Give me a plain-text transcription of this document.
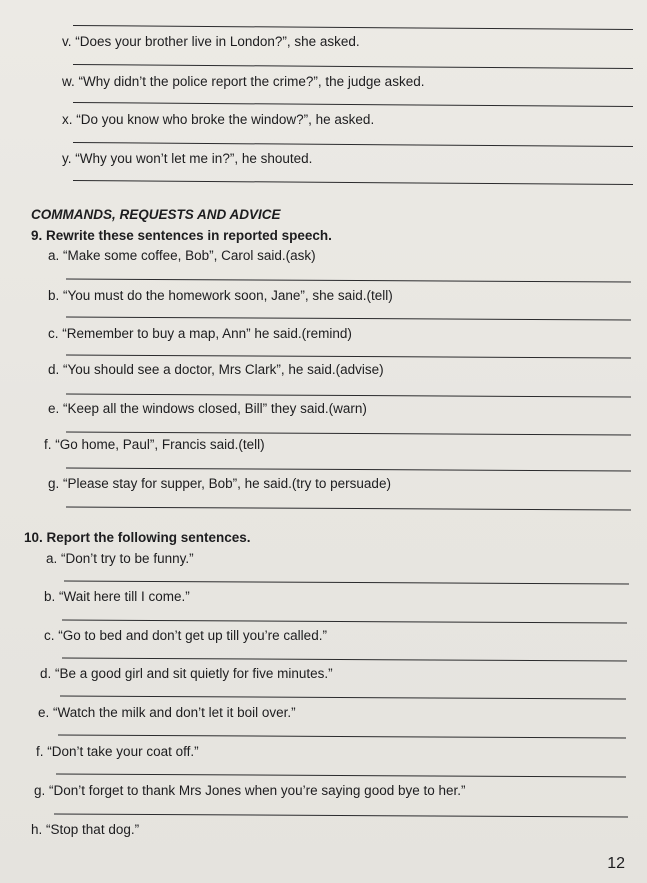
v. “Does your brother live in London?”, she asked.
w. “Why didn’t the police report the crime?”, the judge asked.
x. “Do you know who broke the window?”, he asked.
y. “Why you won’t let me in?”, he shouted.
COMMANDS, REQUESTS AND ADVICE
9. Rewrite these sentences in reported speech.
a. “Make some coffee, Bob”, Carol said.(ask)
b. “You must do the homework soon, Jane”, she said.(tell)
c. “Remember to buy a map, Ann” he said.(remind)
d. “You should see a doctor, Mrs Clark”, he said.(advise)
e. “Keep all the windows closed, Bill” they said.(warn)
f. “Go home, Paul”, Francis said.(tell)
g. “Please stay for supper, Bob”, he said.(try to persuade)
10. Report the following sentences.
a. “Don’t try to be funny.”
b. “Wait here till I come.”
c. “Go to bed and don’t get up till you’re called.”
d. “Be a good girl and sit quietly for five minutes.”
e. “Watch the milk and don’t let it boil over.”
f. “Don’t take your coat off.”
g. “Don’t forget to thank Mrs Jones when you’re saying good bye to her.”
h. “Stop that dog.”
12
